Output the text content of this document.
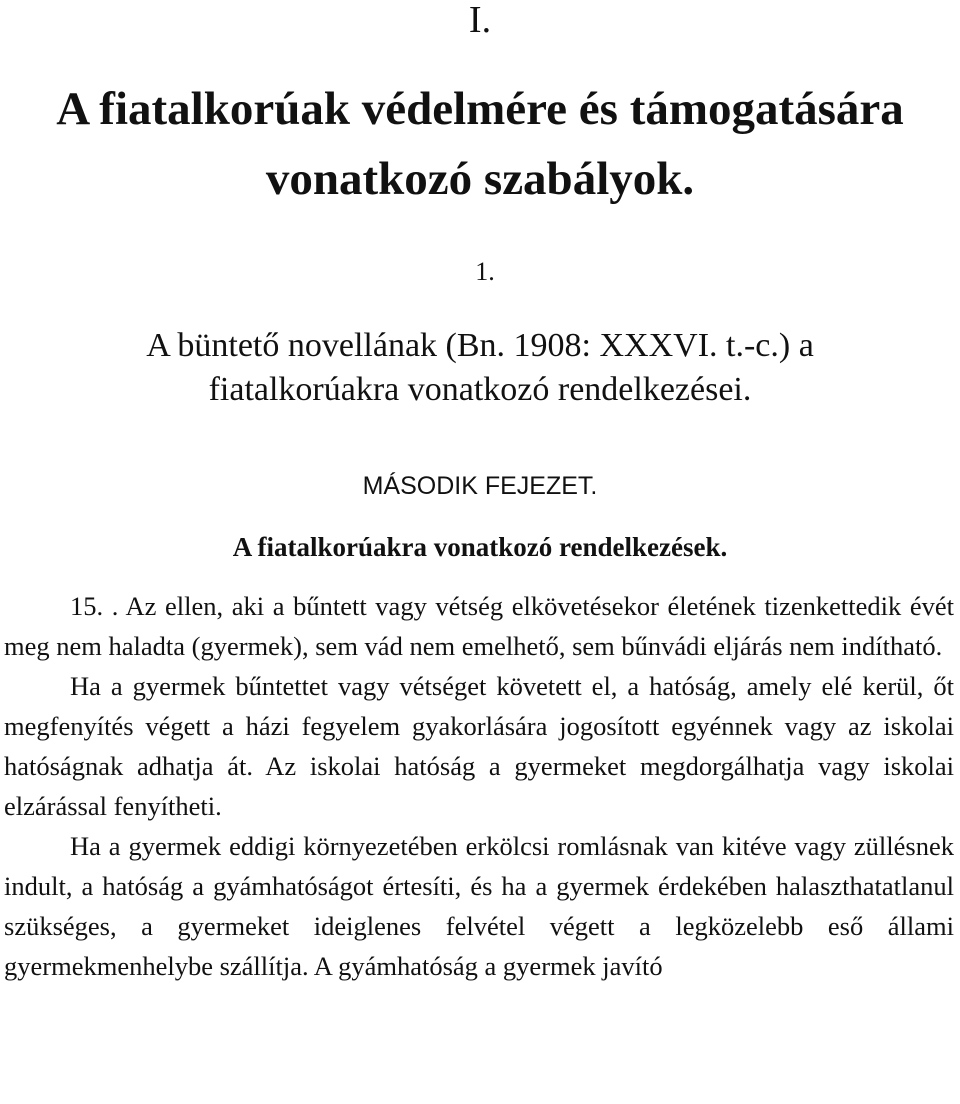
I.
A fiatalkorúak védelmére és támogatására
vonatkozó szabályok.
1.
A büntető novellának (Bn. 1908: XXXVI. t.-c.) a
fiatalkorúakra vonatkozó rendelkezései.
MÁSODIK FEJEZET.
A fiatalkorúakra vonatkozó rendelkezések.

15. . Az ellen, aki a bűntett vagy vétség elkövetésekor életének tizenkettedik évét meg nem haladta (gyermek), sem vád nem emelhető, sem bűnvádi eljárás nem indítható.

Ha a gyermek bűntettet vagy vétséget követett el, a hatóság, amely elé kerül, őt megfenyítés végett a házi fegyelem gyakorlására jogosított egyénnek vagy az iskolai hatóságnak adhatja át. Az iskolai hatóság a gyermeket megdorgálhatja vagy iskolai elzárással fenyítheti.

Ha a gyermek eddigi környezetében erkölcsi romlásnak van kitéve vagy züllésnek indult, a hatóság a gyámhatóságot értesíti, és ha a gyermek érdekében halaszthatatlanul szükséges, a gyermeket ideiglenes felvétel végett a legközelebb eső állami gyermekmenhelybe szállítja. A gyámhatóság a gyermek javító
